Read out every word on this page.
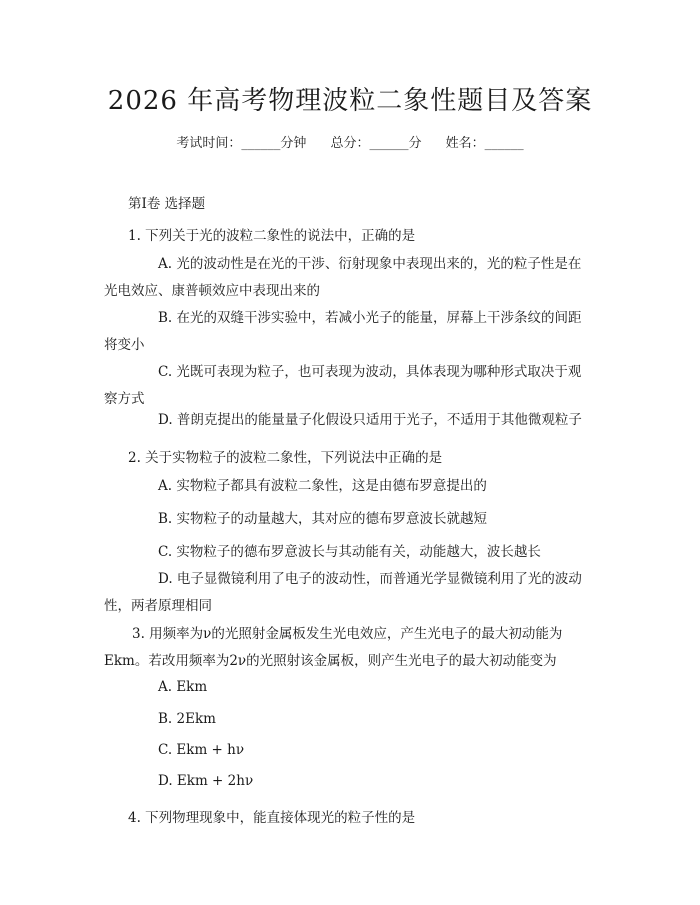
2026 年高考物理波粒二象性题目及答案
考试时间：______分钟 总分：______分 姓名：______
第Ⅰ卷 选择题
1. 下列关于光的波粒二象性的说法中，正确的是
A. 光的波动性是在光的干涉、衍射现象中表现出来的，光的粒子性是在光电效应、康普顿效应中表现出来的
B. 在光的双缝干涉实验中，若减小光子的能量，屏幕上干涉条纹的间距将变小
C. 光既可表现为粒子，也可表现为波动，具体表现为哪种形式取决于观察方式
D. 普朗克提出的能量量子化假设只适用于光子，不适用于其他微观粒子
2. 关于实物粒子的波粒二象性，下列说法中正确的是
A. 实物粒子都具有波粒二象性，这是由德布罗意提出的
B. 实物粒子的动量越大，其对应的德布罗意波长就越短
C. 实物粒子的德布罗意波长与其动能有关，动能越大，波长越长
D. 电子显微镜利用了电子的波动性，而普通光学显微镜利用了光的波动性，两者原理相同
3. 用频率为ν的光照射金属板发生光电效应，产生光电子的最大初动能为
Ekm。若改用频率为2ν的光照射该金属板，则产生光电子的最大初动能变为
A. Ekm
B. 2Ekm
C. Ekm + hν
D. Ekm + 2hν
4. 下列物理现象中，能直接体现光的粒子性的是
